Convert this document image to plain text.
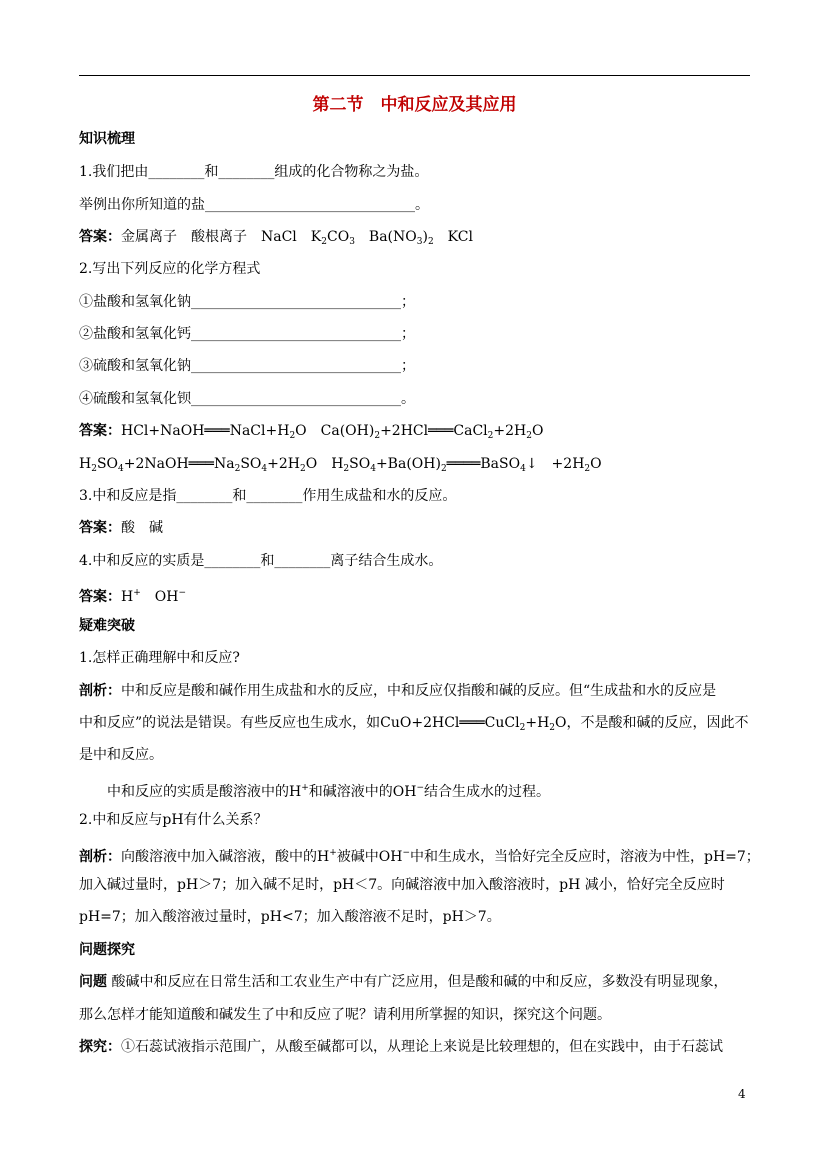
第二节　中和反应及其应用
知识梳理
1.我们把由________和________组成的化合物称之为盐。
举例出你所知道的盐______________________________。
答案：金属离子　酸根离子　NaCl　$K_2CO_3$　$Ba(NO_3)_2$　KCl
2.写出下列反应的化学方程式
①盐酸和氢氧化钠______________________________；
②盐酸和氢氧化钙______________________________；
③硫酸和氢氧化钠______________________________；
④硫酸和氢氧化钡______________________________。
答案：$HCl+NaOH═══NaCl+H_2O$　$Ca(OH)_2+2HCl═══CaCl_2+2H_2O$
$H_2SO_4+2NaOH═══Na_2SO_4+2H_2O$　$H_2SO_4+Ba(OH)_2════BaSO_4↓$　$+2H_2O$
3.中和反应是指________和________作用生成盐和水的反应。
答案：酸　碱
4.中和反应的实质是________和________离子结合生成水。
答案：H+　OH−
疑难突破
1.怎样正确理解中和反应?
剖析：中和反应是酸和碱作用生成盐和水的反应，中和反应仅指酸和碱的反应。但“生成盐和水的反应是
中和反应”的说法是错误。有些反应也生成水，如$CuO+2HCl═══CuCl_2+H_2O$，不是酸和碱的反应，因此不
是中和反应。
中和反应的实质是酸溶液中的H+和碱溶液中的OH−结合生成水的过程。
2.中和反应与pH有什么关系？
剖析：向酸溶液中加入碱溶液，酸中的H+被碱中OH−中和生成水，当恰好完全反应时，溶液为中性，pH=7；
加入碱过量时，pH＞7；加入碱不足时，pH＜7。向碱溶液中加入酸溶液时，pH 减小，恰好完全反应时
pH=7；加入酸溶液过量时，pH<7；加入酸溶液不足时，pH＞7。
问题探究
问题 酸碱中和反应在日常生活和工农业生产中有广泛应用，但是酸和碱的中和反应，多数没有明显现象，
那么怎样才能知道酸和碱发生了中和反应了呢？请利用所掌握的知识，探究这个问题。
探究：①石蕊试液指示范围广，从酸至碱都可以，从理论上来说是比较理想的，但在实践中，由于石蕊试
4
